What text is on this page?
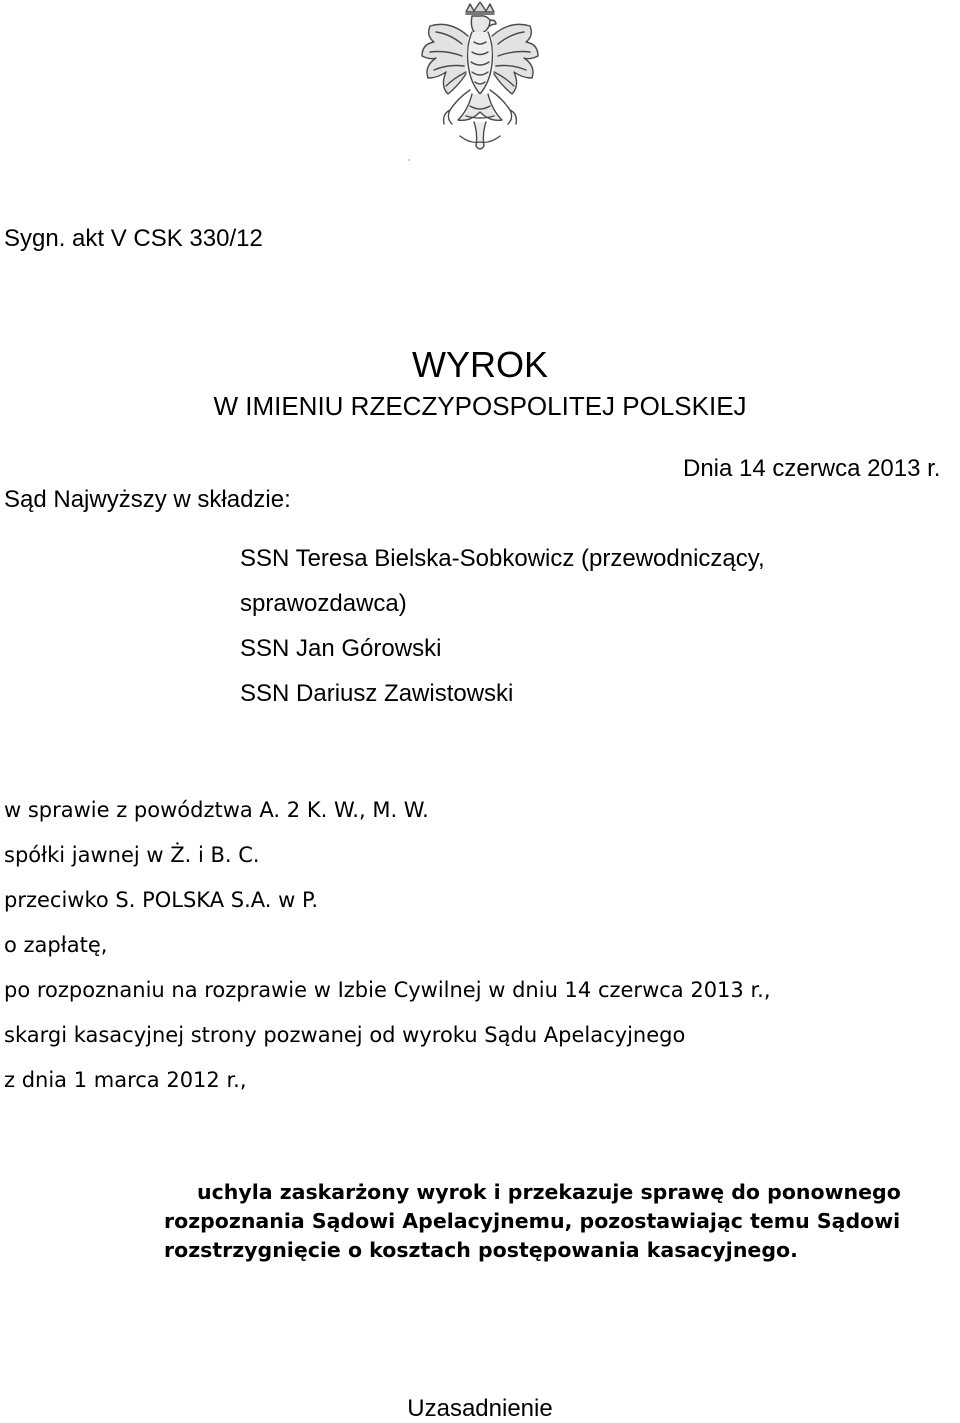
Sygn. akt V CSK 330/12
WYROK
W IMIENIU RZECZYPOSPOLITEJ POLSKIEJ
Dnia 14 czerwca 2013 r.
Sąd Najwyższy w składzie:
SSN Teresa Bielska-Sobkowicz (przewodniczący,
sprawozdawca)
SSN Jan Górowski
SSN Dariusz Zawistowski
w sprawie z powództwa A. 2 K. W., M. W.
spółki jawnej w Ż. i B. C.
przeciwko S. POLSKA S.A. w P.
o zapłatę,
po rozpoznaniu na rozprawie w Izbie Cywilnej w dniu 14 czerwca 2013 r.,
skargi kasacyjnej strony pozwanej od wyroku Sądu Apelacyjnego
z dnia 1 marca 2012 r.,
uchyla zaskarżony wyrok i przekazuje sprawę do ponownego
rozpoznania Sądowi Apelacyjnemu, pozostawiając temu Sądowi
rozstrzygnięcie o kosztach postępowania kasacyjnego.
Uzasadnienie
